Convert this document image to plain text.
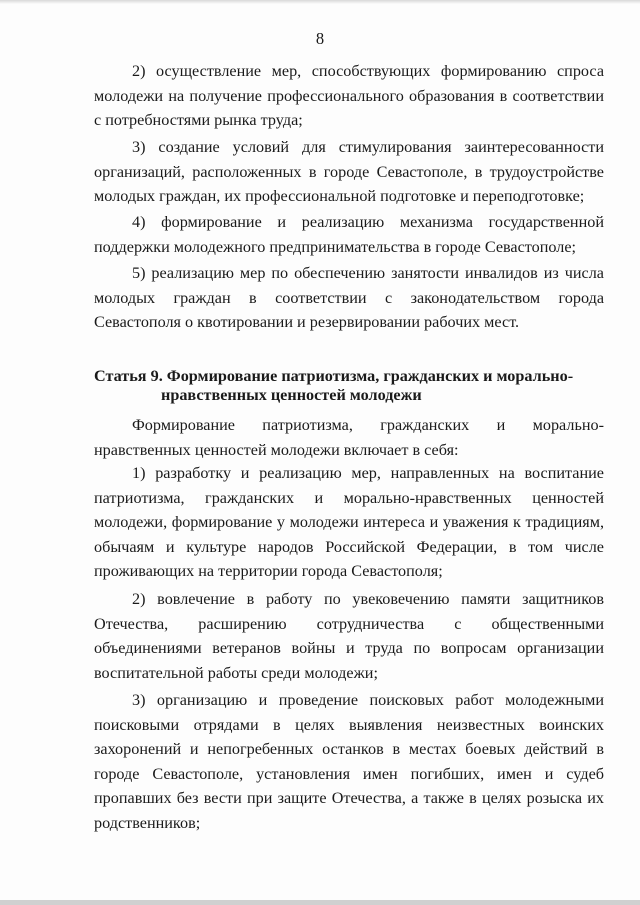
8

2) осуществление мер, способствующих формированию спроса молодежи на получение профессионального образования в соответствии с потребностями рынка труда;

3) создание условий для стимулирования заинтересованности организаций, расположенных в городе Севастополе, в трудоустройстве молодых граждан, их профессиональной подготовке и переподготовке;

4) формирование и реализацию механизма государственной поддержки молодежного предпринимательства в городе Севастополе;

5) реализацию мер по обеспечению занятости инвалидов из числа молодых граждан в соответствии с законодательством города Севастополя о квотировании и резервировании рабочих мест.

Статья 9. Формирование патриотизма, гражданских и морально-
нравственных ценностей молодежи

Формирование патриотизма, гражданских и морально-нравственных ценностей молодежи включает в себя:

1) разработку и реализацию мер, направленных на воспитание патриотизма, гражданских и морально-нравственных ценностей молодежи, формирование у молодежи интереса и уважения к традициям, обычаям и культуре народов Российской Федерации, в том числе проживающих на территории города Севастополя;

2) вовлечение в работу по увековечению памяти защитников Отечества, расширению сотрудничества с общественными объединениями ветеранов войны и труда по вопросам организации воспитательной работы среди молодежи;

3) организацию и проведение поисковых работ молодежными поисковыми отрядами в целях выявления неизвестных воинских захоронений и непогребенных останков в местах боевых действий в городе Севастополе, установления имен погибших, имен и судеб пропавших без вести при защите Отечества, а также в целях розыска их родственников;
